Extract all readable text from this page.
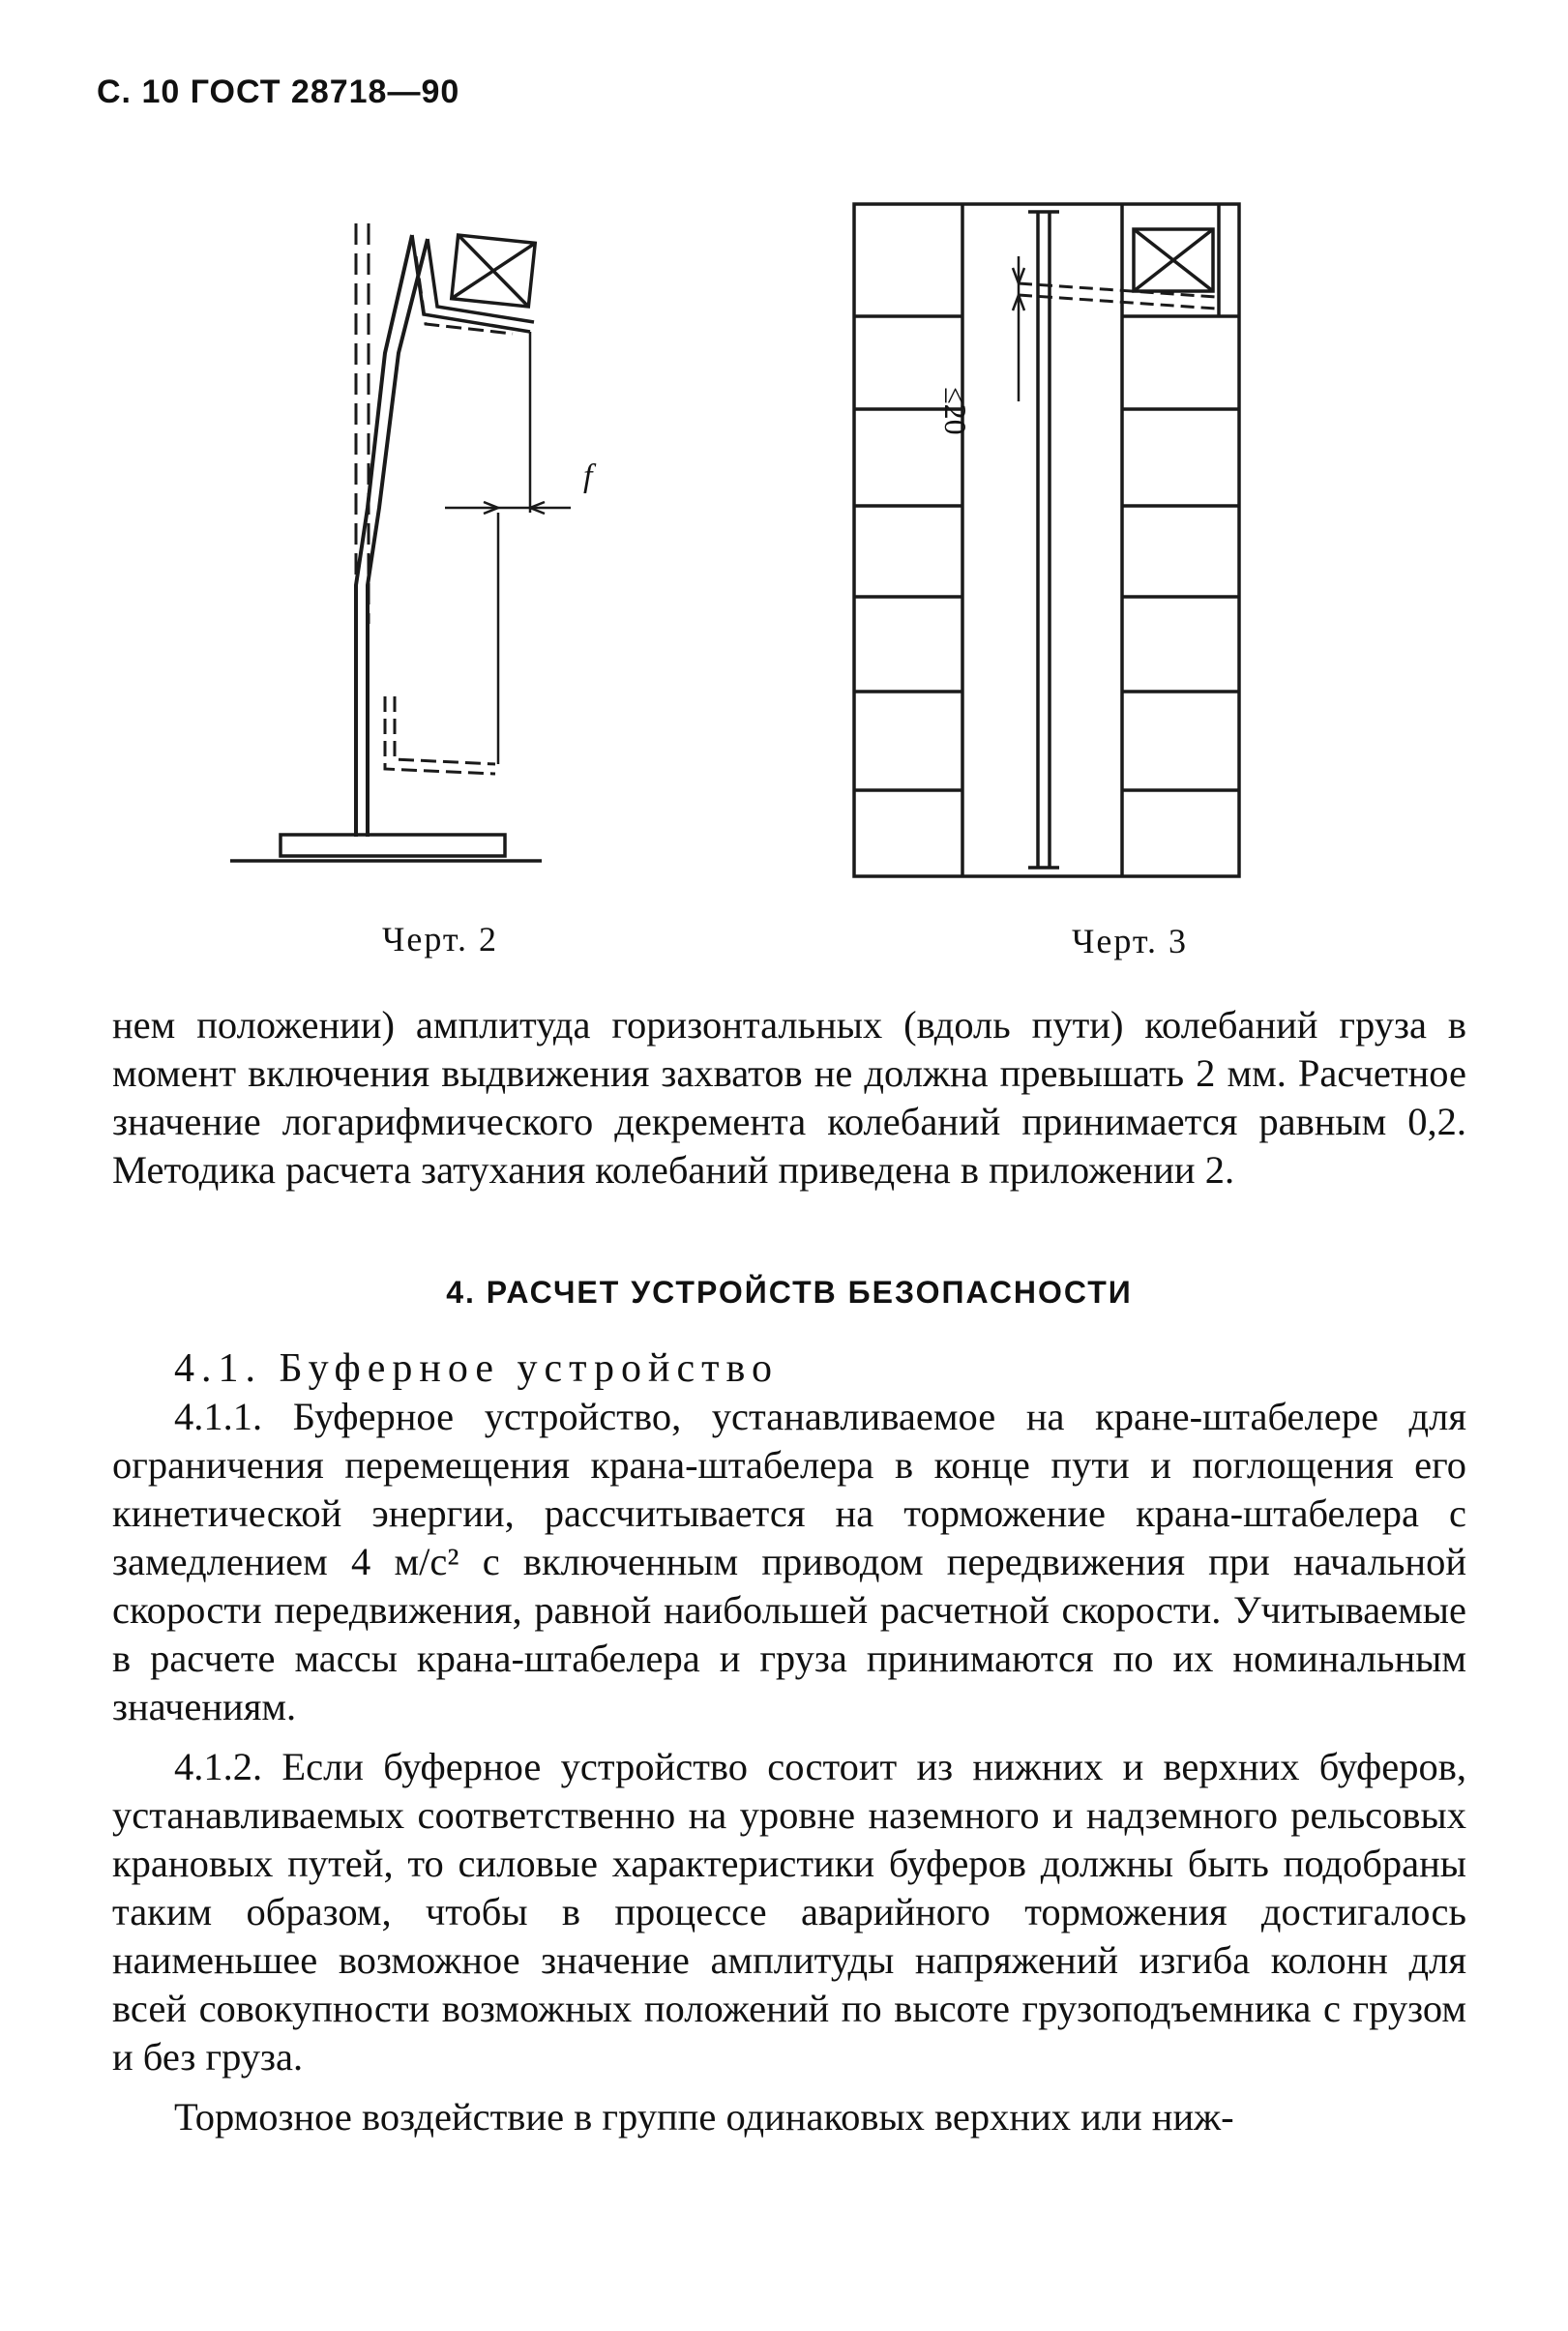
С. 10 ГОСТ 28718—90
f
Черт. 2
≤20
Черт. 3

нем положении) амплитуда горизонтальных (вдоль пути) колебаний груза в момент включения выдвижения захватов не должна превышать 2 мм. Расчетное значение логарифмического декремента колебаний принимается равным 0,2. Методика расчета затухания колебаний приведена в приложении 2.

4. РАСЧЕТ УСТРОЙСТВ БЕЗОПАСНОСТИ

4.1. Буферное устройство

4.1.1. Буферное устройство, устанавливаемое на кране-штабелере для ограничения перемещения крана-штабелера в конце пути и поглощения его кинетической энергии, рассчитывается на торможение крана-штабелера с замедлением 4 м/с² с включенным приводом передвижения при начальной скорости передвижения, равной наибольшей расчетной скорости. Учитываемые в расчете массы крана-штабелера и груза принимаются по их номинальным значениям.

4.1.2. Если буферное устройство состоит из нижних и верхних буферов, устанавливаемых соответственно на уровне наземного и надземного рельсовых крановых путей, то силовые характеристики буферов должны быть подобраны таким образом, чтобы в процессе аварийного торможения достигалось наименьшее возможное значение амплитуды напряжений изгиба колонн для всей совокупности возможных положений по высоте грузоподъемника с грузом и без груза.

Тормозное воздействие в группе одинаковых верхних или ниж-
